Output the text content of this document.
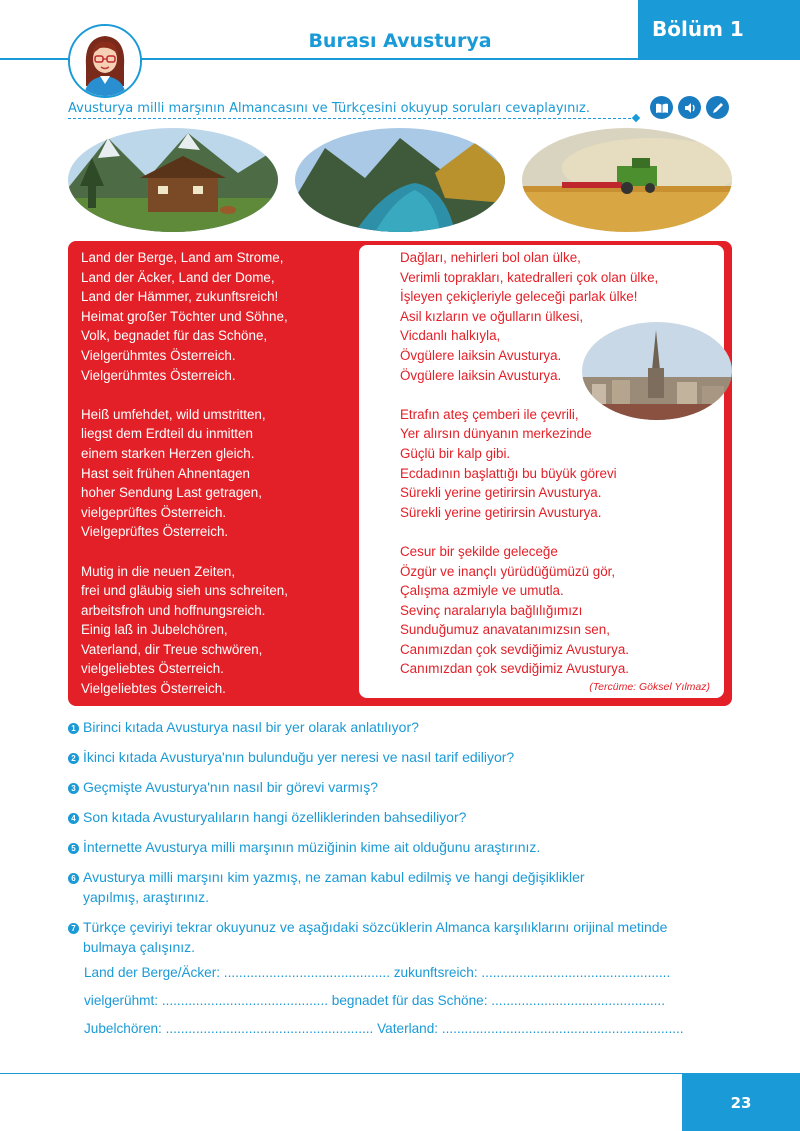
Bölüm 1
Burası Avusturya
Avusturya milli marşının Almancasını ve Türkçesini okuyup soruları cevaplayınız.
Land der Berge, Land am Strome,
Land der Äcker, Land der Dome,
Land der Hämmer, zukunftsreich!
Heimat großer Töchter und Söhne,
Volk, begnadet für das Schöne,
Vielgerühmtes Österreich.
Vielgerühmtes Österreich.
Heiß umfehdet, wild umstritten,
liegst dem Erdteil du inmitten
einem starken Herzen gleich.
Hast seit frühen Ahnentagen
hoher Sendung Last getragen,
vielgeprüftes Österreich.
Vielgeprüftes Österreich.
Mutig in die neuen Zeiten,
frei und gläubig sieh uns schreiten,
arbeitsfroh und hoffnungsreich.
Einig laß in Jubelchören,
Vaterland, dir Treue schwören,
vielgeliebtes Österreich.
Vielgeliebtes Österreich.
Dağları, nehirleri bol olan ülke,
Verimli toprakları, katedralleri çok olan ülke,
İşleyen çekiçleriyle geleceği parlak ülke!
Asil kızların ve oğulların ülkesi,
Vicdanlı halkıyla,
Övgülere laiksin Avusturya.
Övgülere laiksin Avusturya.
Etrafın ateş çemberi ile çevrili,
Yer alırsın dünyanın merkezinde
Güçlü bir kalp gibi.
Ecdadının başlattığı bu büyük görevi
Sürekli yerine getirirsin Avusturya.
Sürekli yerine getirirsin Avusturya.
Cesur bir şekilde geleceğe
Özgür ve inançlı yürüdüğümüzü gör,
Çalışma azmiyle ve umutla.
Sevinç naralarıyla bağlılığımızı
Sunduğumuz anavatanımızsın sen,
Canımızdan çok sevdiğimiz Avusturya.
Canımızdan çok sevdiğimiz Avusturya.
(Tercüme: Göksel Yılmaz)
1 Birinci kıtada Avusturya nasıl bir yer olarak anlatılıyor?
2 İkinci kıtada Avusturya'nın bulunduğu yer neresi ve nasıl tarif ediliyor?
3 Geçmişte Avusturya'nın nasıl bir görevi varmış?
4 Son kıtada Avusturyalıların hangi özelliklerinden bahsediliyor?
5 İnternette Avusturya milli marşının müziğinin kime ait olduğunu araştırınız.
6 Avusturya milli marşını kim yazmış, ne zaman kabul edilmiş ve hangi değişiklikler
yapılmış, araştırınız.
7 Türkçe çeviriyi tekrar okuyunuz ve aşağıdaki sözcüklerin Almanca karşılıklarını orijinal metinde
bulmaya çalışınız.
Land der Berge/Äcker: ............................................ zukunftsreich: ..................................................
vielgerühmt: ............................................ begnadet für das Schöne: ..............................................
Jubelchören: ....................................................... Vaterland: ................................................................
23
